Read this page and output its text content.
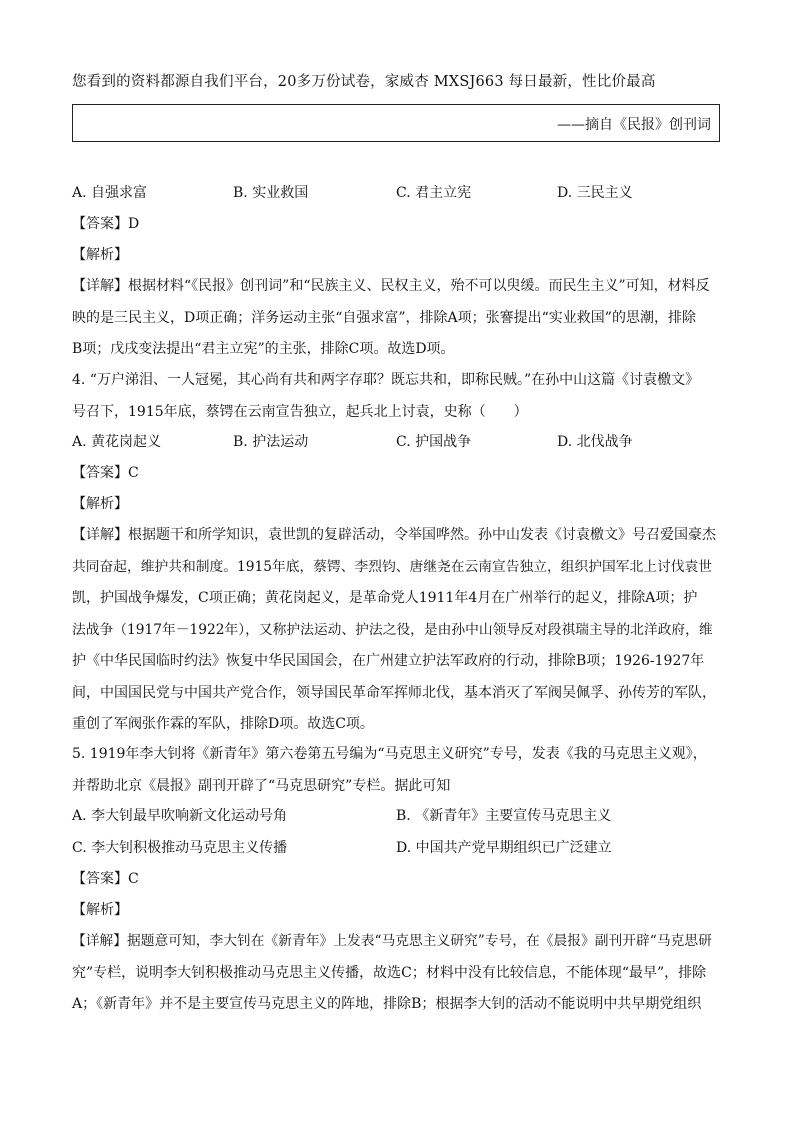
您看到的资料都源自我们平台，20多万份试卷，家威杏 MXSJ663 每日最新，性比价最高
——摘自《民报》创刊词
A. 自强求富	B. 实业救国	C. 君主立宪	D. 三民主义
【答案】D
【解析】
【详解】根据材料“《民报》创刊词”和“民族主义、民权主义，殆不可以臾缓。而民生主义”可知，材料反
映的是三民主义，D项正确；洋务运动主张“自强求富”，排除A项；张謇提出“实业救国”的思潮，排除
B项；戊戌变法提出“君主立宪”的主张，排除C项。故选D项。
4. “万户涕泪、一人冠冕，其心尚有共和两字存耶？既忘共和，即称民贼。”在孙中山这篇《讨袁檄文》
号召下，1915年底，蔡锷在云南宣告独立，起兵北上讨袁，史称（　　）
A. 黄花岗起义	B. 护法运动	C. 护国战争	D. 北伐战争
【答案】C
【解析】
【详解】根据题干和所学知识，袁世凯的复辟活动，令举国哗然。孙中山发表《讨袁檄文》号召爱国豪杰
共同奋起，维护共和制度。1915年底，蔡锷、李烈钧、唐继尧在云南宣告独立，组织护国军北上讨伐袁世
凯，护国战争爆发，C项正确；黄花岗起义，是革命党人1911年4月在广州举行的起义，排除A项；护
法战争（1917年－1922年），又称护法运动、护法之役，是由孙中山领导反对段祺瑞主导的北洋政府，维
护《中华民国临时约法》恢复中华民国国会，在广州建立护法军政府的行动，排除B项；1926-1927年
间，中国国民党与中国共产党合作，领导国民革命军挥师北伐，基本消灭了军阀吴佩孚、孙传芳的军队，
重创了军阀张作霖的军队，排除D项。故选C项。
5. 1919年李大钊将《新青年》第六卷第五号编为“马克思主义研究”专号，发表《我的马克思主义观》，
并帮助北京《晨报》副刊开辟了“马克思研究”专栏。据此可知
A. 李大钊最早吹响新文化运动号角	B. 《新青年》主要宣传马克思主义
C. 李大钊积极推动马克思主义传播	D. 中国共产党早期组织已广泛建立
【答案】C
【解析】
【详解】据题意可知，李大钊在《新青年》上发表“马克思主义研究”专号，在《晨报》副刊开辟“马克思研
究”专栏，说明李大钊积极推动马克思主义传播，故选C；材料中没有比较信息，不能体现“最早”，排除
A；《新青年》并不是主要宣传马克思主义的阵地，排除B；根据李大钊的活动不能说明中共早期党组织
